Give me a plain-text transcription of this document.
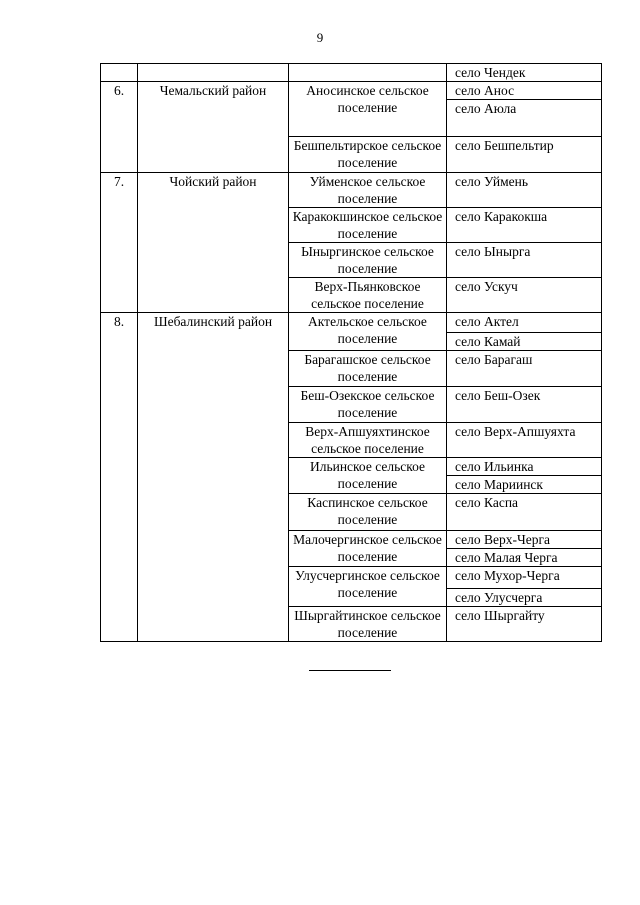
9
			село Чендек
6.	Чемальский район	Аносинское сельское поселение	село Анос
			село Аюла
		Бешпельтирское сельское поселение	село Бешпельтир
7.	Чойский район	Уйменское сельское поселение	село Уймень
		Каракокшинское сельское поселение	село Каракокша
		Ыныргинское сельское поселение	село Ынырга
		Верх-Пьянковское сельское поселение	село Ускуч
8.	Шебалинский район	Актельское сельское поселение	село Актел
			село Камай
		Барагашское сельское поселение	село Барагаш
		Беш-Озекское сельское поселение	село Беш-Озек
		Верх-Апшуяхтинское сельское поселение	село Верх-Апшуяхта
		Ильинское сельское поселение	село Ильинка
			село Мариинск
		Каспинское сельское поселение	село Каспа
		Малочергинское сельское поселение	село Верх-Черга
			село Малая Черга
		Улусчергинское сельское поселение	село Мухор-Черга
			село Улусчерга
		Шыргайтинское сельское поселение	село Шыргайту
